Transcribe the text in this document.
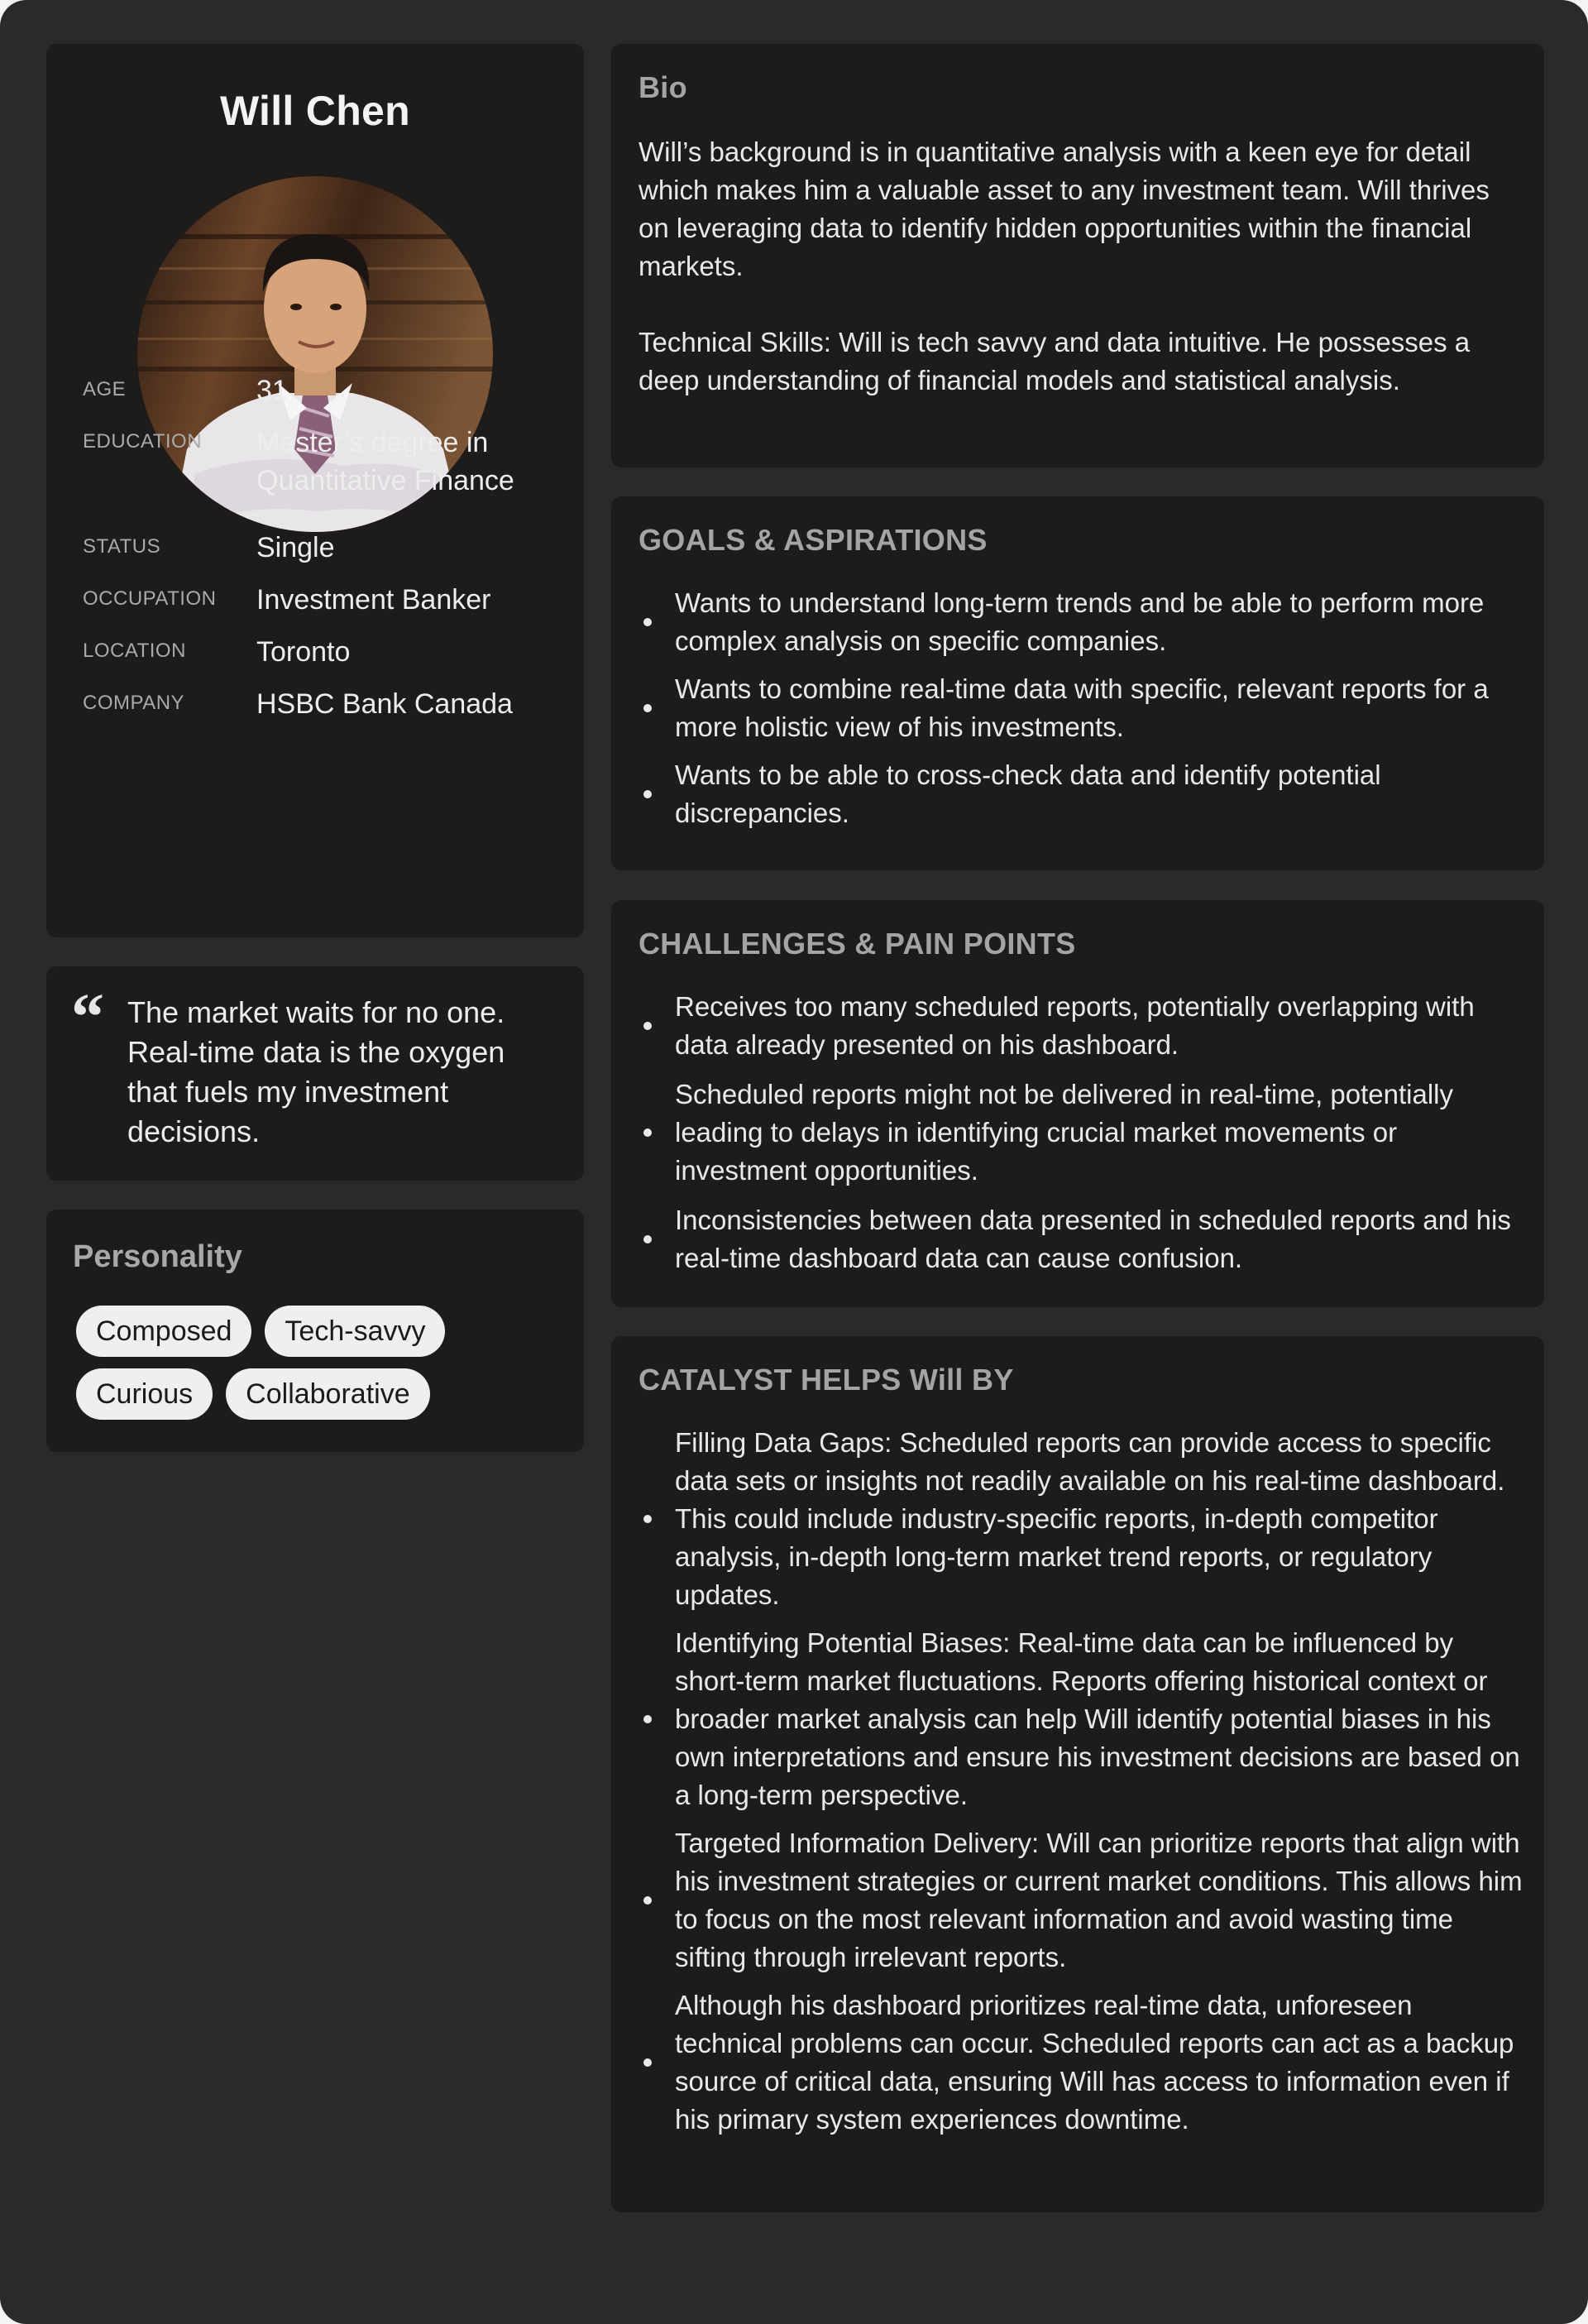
Will Chen
AGE	31
EDUCATION Master’s degree in Quantitative Finance
STATUS	Single
OCCUPATION Investment Banker
LOCATION	Toronto
COMPANY	HSBC Bank Canada
“ The market waits for no one. Real-time data is the oxygen that fuels my investment decisions.
Personality
Composed	Tech-savvy
Curious	Collaborative
Bio

Will’s background is in quantitative analysis with a keen eye for detail which makes him a valuable asset to any investment team. Will thrives on leveraging data to identify hidden opportunities within the financial markets.

Technical Skills: Will is tech savvy and data intuitive. He possesses a deep understanding of financial models and statistical analysis.

GOALS & ASPIRATIONS
Wants to understand long-term trends and be able to perform more complex analysis on specific companies.
Wants to combine real-time data with specific, relevant reports for a more holistic view of his investments.
Wants to be able to cross-check data and identify potential discrepancies.
CHALLENGES & PAIN POINTS
Receives too many scheduled reports, potentially overlapping with data already presented on his dashboard.
Scheduled reports might not be delivered in real-time, potentially leading to delays in identifying crucial market movements or investment opportunities.
Inconsistencies between data presented in scheduled reports and his real-time dashboard data can cause confusion.
CATALYST HELPS Will BY
Filling Data Gaps: Scheduled reports can provide access to specific data sets or insights not readily available on his real-time dashboard. This could include industry-specific reports, in-depth competitor analysis, in-depth long-term market trend reports, or regulatory updates.
Identifying Potential Biases: Real-time data can be influenced by short-term market fluctuations. Reports offering historical context or broader market analysis can help Will identify potential biases in his own interpretations and ensure his investment decisions are based on a long-term perspective.
Targeted Information Delivery: Will can prioritize reports that align with his investment strategies or current market conditions. This allows him to focus on the most relevant information and avoid wasting time sifting through irrelevant reports.
Although his dashboard prioritizes real-time data, unforeseen technical problems can occur. Scheduled reports can act as a backup source of critical data, ensuring Will has access to information even if his primary system experiences downtime.
